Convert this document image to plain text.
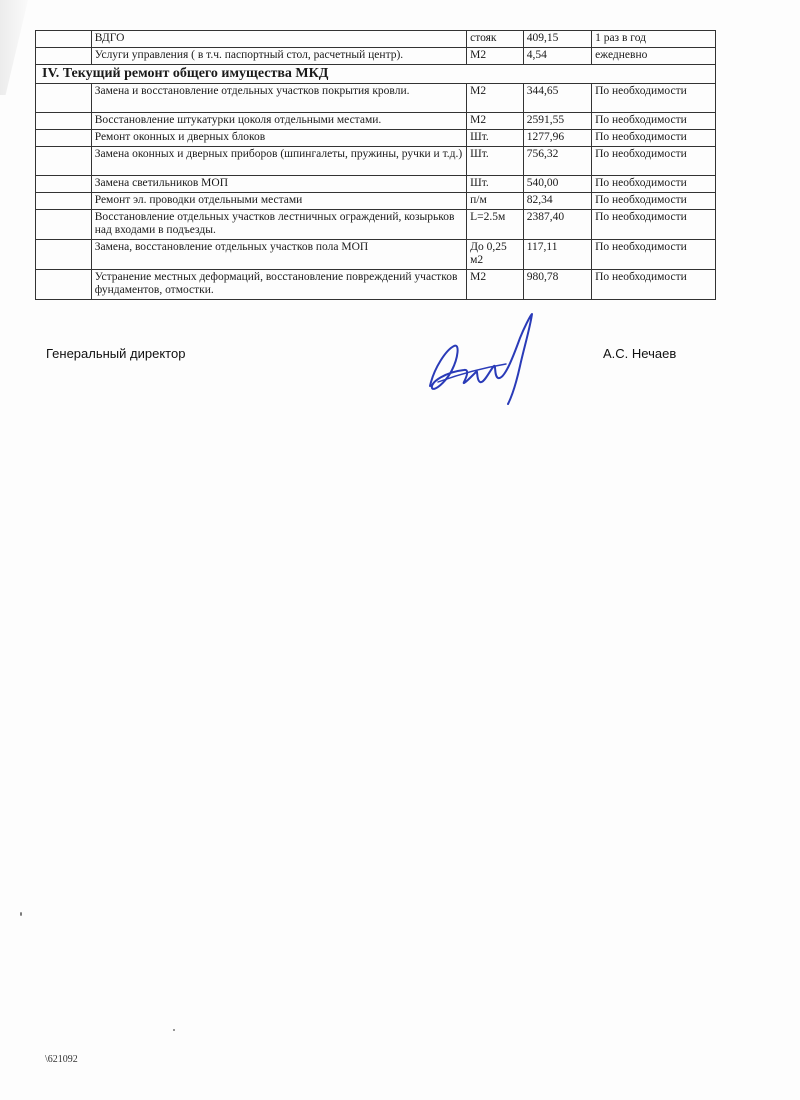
	ВДГО	стояк	409,15	1 раз в год
	Услуги управления ( в т.ч. паспортный стол, расчетный центр).	М2	4,54	ежедневно
IV. Текущий ремонт общего имущества МКД				
	Замена и восстановление отдельных участков покрытия кровли.	М2	344,65	По необходимости
	Восстановление штукатурки цоколя отдельными местами.	М2	2591,55	По необходимости
	Ремонт оконных и дверных блоков	Шт.	1277,96	По необходимости
	Замена оконных и дверных приборов (шпингалеты, пружины, ручки и т.д.)	Шт.	756,32	По необходимости
	Замена светильников МОП	Шт.	540,00	По необходимости
	Ремонт эл. проводки отдельными местами	п/м	82,34	По необходимости
	Восстановление отдельных участков лестничных ограждений, козырьков над входами в подъезды.	L=2.5м	2387,40	По необходимости
	Замена, восстановление отдельных участков пола МОП	До 0,25 м2	117,11	По необходимости
	Устранение местных деформаций, восстановление повреждений участков фундаментов, отмостки.	М2	980,78	По необходимости
Генеральный директор	А.С. Нечаев
\621092
